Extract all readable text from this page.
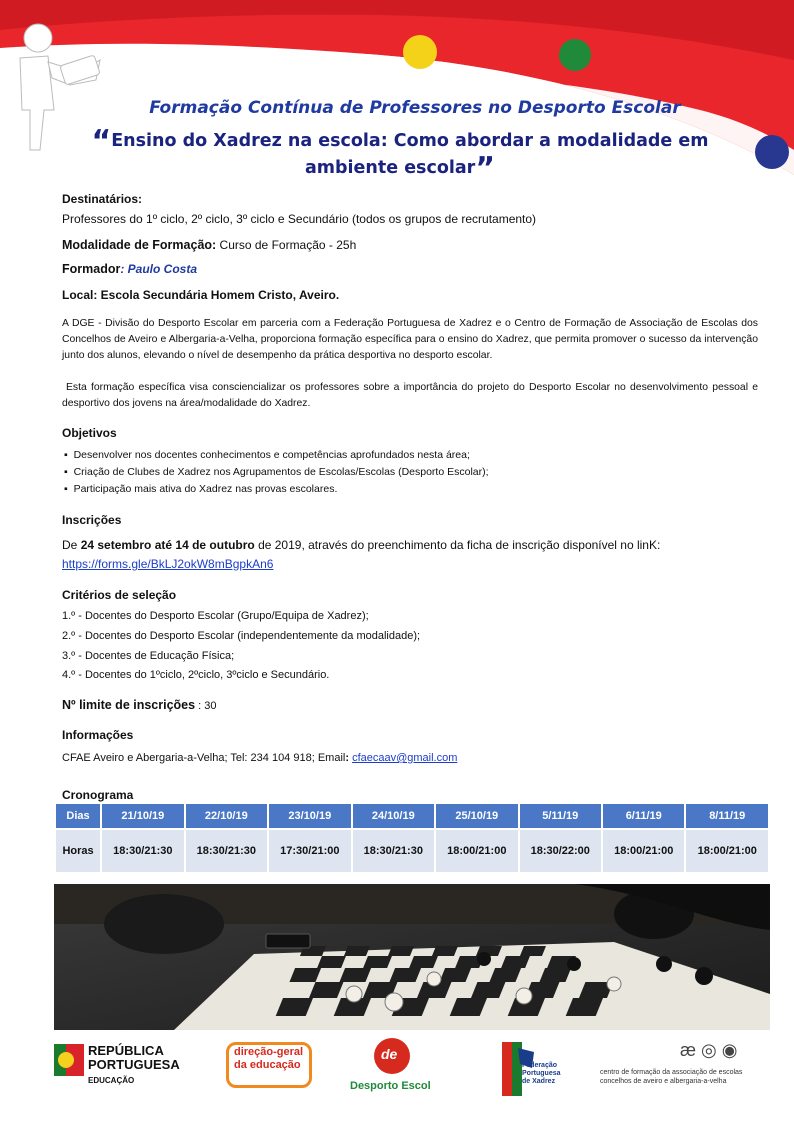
Formação Contínua de Professores no Desporto Escolar
“Ensino do Xadrez na escola: Como abordar a modalidade em
ambiente escolar”
Destinatários:
Professores do 1º ciclo, 2º ciclo, 3º ciclo e Secundário (todos os grupos de recrutamento)
Modalidade de Formação: Curso de Formação - 25h
Formador: Paulo Costa
Local: Escola Secundária Homem Cristo, Aveiro.
A DGE - Divisão do Desporto Escolar em parceria com a Federação Portuguesa de Xadrez e o Centro de Formação de Associação de Escolas dos Concelhos de Aveiro e Albergaria-a-Velha, proporciona formação específica para o ensino do Xadrez, que permita promover o sucesso da intervenção junto dos alunos, elevando o nível de desempenho da prática desportiva no desporto escolar.
Esta formação específica visa consciencializar os professores sobre a importância do projeto do Desporto Escolar no desenvolvimento pessoal e desportivo dos jovens na área/modalidade do Xadrez.
Objetivos
▪  Desenvolver nos docentes conhecimentos e competências aprofundados nesta área;
▪  Criação de Clubes de Xadrez nos Agrupamentos de Escolas/Escolas (Desporto Escolar);
▪  Participação mais ativa do Xadrez nas provas escolares.
Inscrições
De 24 setembro até 14 de outubro de 2019, através do preenchimento da ficha de inscrição disponível no linK:
https://forms.gle/BkLJ2okW8mBgpkAn6
Critérios de seleção
1.º - Docentes do Desporto Escolar (Grupo/Equipa de Xadrez);
2.º - Docentes do Desporto Escolar (independentemente da modalidade);
3.º - Docentes de Educação Física;
4.º - Docentes do 1ºciclo, 2ºciclo, 3ºciclo e Secundário.
Nº limite de inscrições : 30
Informações
CFAE Aveiro e Abergaria-a-Velha; Tel: 234 104 918; Email: cfaecaav@gmail.com
Cronograma
Dias	21/10/19	22/10/19	23/10/19	24/10/19	25/10/19	5/11/19	6/11/19	8/11/19
Horas	18:30/21:30	18:30/21:30	17:30/21:00	18:30/21:30	18:00/21:00	18:30/22:00	18:00/21:00	18:00/21:00
REPÚBLICA
PORTUGUESA
EDUCAÇÃO
direção-geral
da educação
de
Desporto Escol
Federação
Portuguesa
de Xadrez
æ ◎ ◉
centro de formação da associação de escolas
concelhos de aveiro e albergaria-a-velha
